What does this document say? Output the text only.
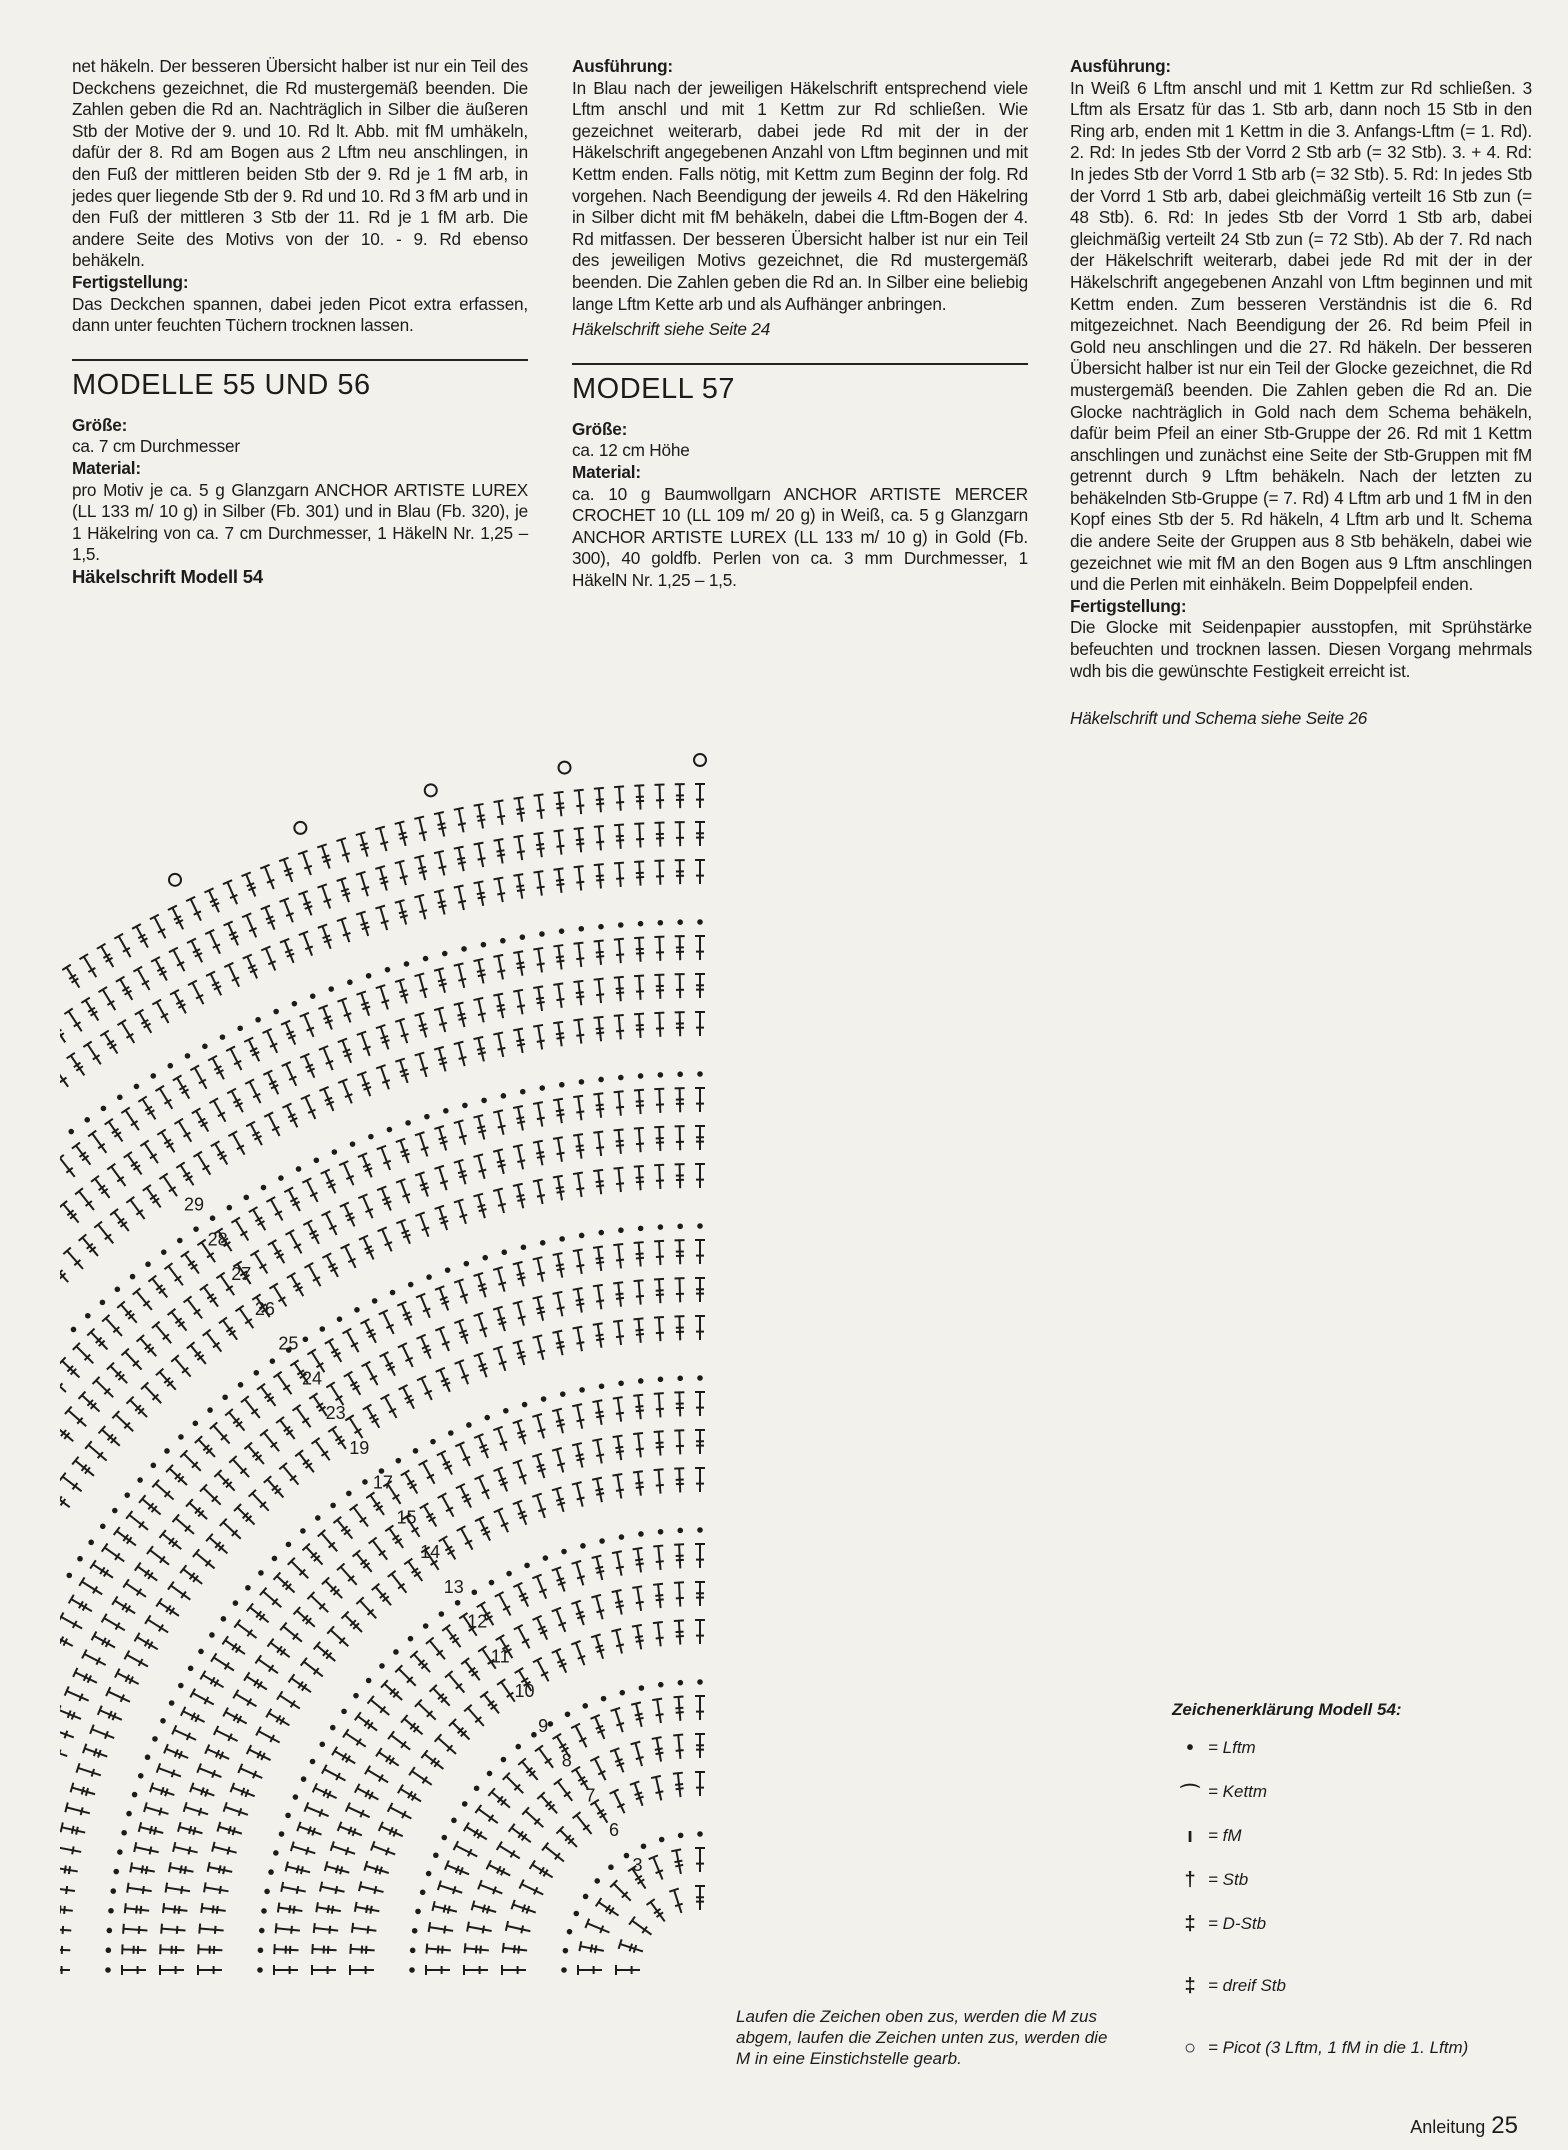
net häkeln. Der besseren Übersicht halber ist nur ein Teil des Deckchens gezeichnet, die Rd mustergemäß beenden. Die Zahlen geben die Rd an. Nachträglich in Silber die äußeren Stb der Motive der 9. und 10. Rd lt. Abb. mit fM umhäkeln, dafür der 8. Rd am Bogen aus 2 Lftm neu anschlingen, in den Fuß der mittleren beiden Stb der 9. Rd je 1 fM arb, in jedes quer liegende Stb der 9. Rd und 10. Rd 3 fM arb und in den Fuß der mittleren 3 Stb der 11. Rd je 1 fM arb. Die andere Seite des Motivs von der 10. - 9. Rd ebenso behäkeln.

Fertigstellung:

Das Deckchen spannen, dabei jeden Picot extra erfassen, dann unter feuchten Tüchern trocknen lassen.

MODELLE 55 UND 56

Größe:

ca. 7 cm Durchmesser

Material:

pro Motiv je ca. 5 g Glanzgarn ANCHOR ARTISTE LUREX (LL 133 m/ 10 g) in Silber (Fb. 301) und in Blau (Fb. 320), je 1 Häkelring von ca. 7 cm Durchmesser, 1 HäkelN Nr. 1,25 – 1,5.

Häkelschrift Modell 54

Ausführung:

In Blau nach der jeweiligen Häkelschrift entsprechend viele Lftm anschl und mit 1 Kettm zur Rd schließen. Wie gezeichnet weiterarb, dabei jede Rd mit der in der Häkelschrift angegebenen Anzahl von Lftm beginnen und mit Kettm enden. Falls nötig, mit Kettm zum Beginn der folg. Rd vorgehen. Nach Beendigung der jeweils 4. Rd den Häkelring in Silber dicht mit fM behäkeln, dabei die Lftm-Bogen der 4. Rd mitfassen. Der besseren Übersicht halber ist nur ein Teil des jeweiligen Motivs gezeichnet, die Rd mustergemäß beenden. Die Zahlen geben die Rd an. In Silber eine beliebig lange Lftm Kette arb und als Aufhänger anbringen.

Häkelschrift siehe Seite 24

MODELL 57

Größe:

ca. 12 cm Höhe

Material:

ca. 10 g Baumwollgarn ANCHOR ARTISTE MERCER CROCHET 10 (LL 109 m/ 20 g) in Weiß, ca. 5 g Glanzgarn ANCHOR ARTISTE LUREX (LL 133 m/ 10 g) in Gold (Fb. 300), 40 goldfb. Perlen von ca. 3 mm Durchmesser, 1 HäkelN Nr. 1,25 – 1,5.

Ausführung:

In Weiß 6 Lftm anschl und mit 1 Kettm zur Rd schließen. 3 Lftm als Ersatz für das 1. Stb arb, dann noch 15 Stb in den Ring arb, enden mit 1 Kettm in die 3. Anfangs-Lftm (= 1. Rd). 2. Rd: In jedes Stb der Vorrd 2 Stb arb (= 32 Stb). 3. + 4. Rd: In jedes Stb der Vorrd 1 Stb arb (= 32 Stb). 5. Rd: In jedes Stb der Vorrd 1 Stb arb, dabei gleichmäßig verteilt 16 Stb zun (= 48 Stb). 6. Rd: In jedes Stb der Vorrd 1 Stb arb, dabei gleichmäßig verteilt 24 Stb zun (= 72 Stb). Ab der 7. Rd nach der Häkelschrift weiterarb, dabei jede Rd mit der in der Häkelschrift angegebenen Anzahl von Lftm beginnen und mit Kettm enden. Zum besseren Verständnis ist die 6. Rd mitgezeichnet. Nach Beendigung der 26. Rd beim Pfeil in Gold neu anschlingen und die 27. Rd häkeln. Der besseren Übersicht halber ist nur ein Teil der Glocke gezeichnet, die Rd mustergemäß beenden. Die Zahlen geben die Rd an. Die Glocke nachträglich in Gold nach dem Schema behäkeln, dafür beim Pfeil an einer Stb-Gruppe der 26. Rd mit 1 Kettm anschlingen und zunächst eine Seite der Stb-Gruppen mit fM getrennt durch 9 Lftm behäkeln. Nach der letzten zu behäkelnden Stb-Gruppe (= 7. Rd) 4 Lftm arb und 1 fM in den Kopf eines Stb der 5. Rd häkeln, 4 Lftm arb und lt. Schema die andere Seite der Gruppen aus 8 Stb behäkeln, dabei wie gezeichnet wie mit fM an den Bogen aus 9 Lftm anschlingen und die Perlen mit einhäkeln. Beim Doppelpfeil enden.

Fertigstellung:

Die Glocke mit Seidenpapier ausstopfen, mit Sprühstärke befeuchten und trocknen lassen. Diesen Vorgang mehrmals wdh bis die gewünschte Festigkeit erreicht ist.

Häkelschrift und Schema siehe Seite 26

3
6
7
8
9
10
11
12
13
14
15
17
19
23
24
25
26
27
28
29
Zeichenerklärung Modell 54:
• = Lftm
⌒ = Kettm
ı = fM
† = Stb
‡ = D-Stb
‡ = dreif Stb
○ = Picot (3 Lftm, 1 fM in die 1. Lftm)
Laufen die Zeichen oben zus, werden die M zus abgem, laufen die Zeichen unten zus, werden die M in eine Einstichstelle gearb.
Anleitung 25
